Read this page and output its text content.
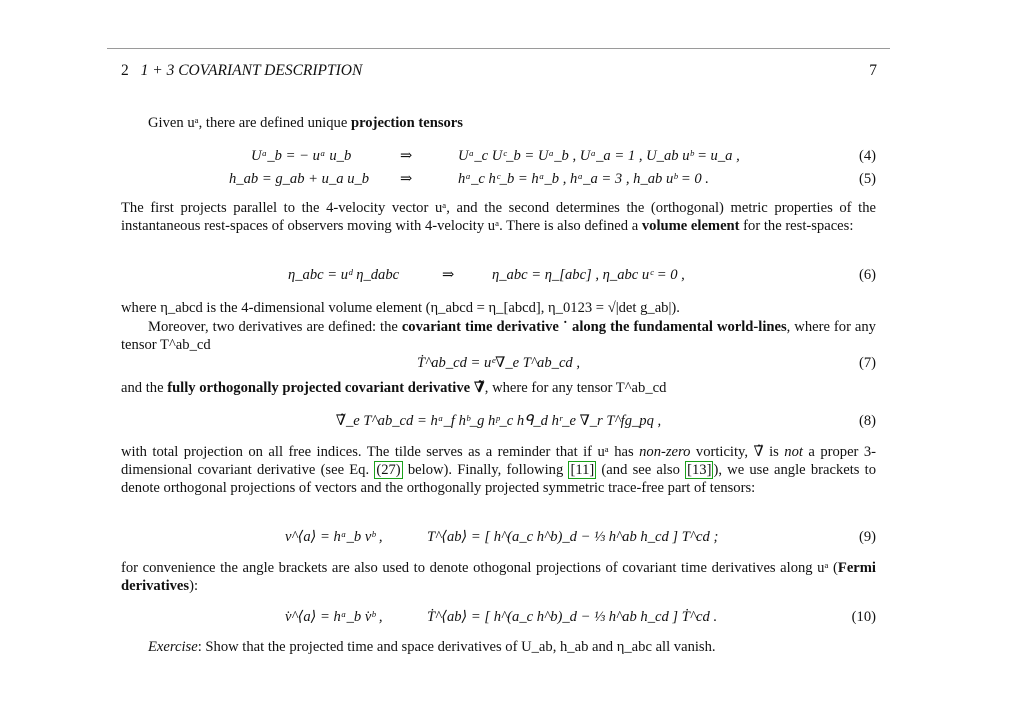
2 1 + 3 COVARIANT DESCRIPTION	7
Given uᵃ, there are defined unique projection tensors
Uᵃ_b = − uᵃ u_b	⇒	Uᵃ_c Uᶜ_b = Uᵃ_b , Uᵃ_a = 1 , U_ab uᵇ = u_a ,	(4)
h_ab = g_ab + u_a u_b ⇒	hᵃ_c hᶜ_b = hᵃ_b , hᵃ_a = 3 , h_ab uᵇ = 0 .	(5)
The first projects parallel to the 4-velocity vector uᵃ, and the second determines the (orthogonal) metric properties of the instantaneous rest-spaces of observers moving with 4-velocity uᵃ. There is also defined a volume element for the rest-spaces:
η_abc = uᵈ η_dabc	⇒	η_abc = η_[abc] , η_abc uᶜ = 0 ,	(6)
where η_abcd is the 4-dimensional volume element (η_abcd = η_[abcd], η_0123 = √|det g_ab|).
Moreover, two derivatives are defined: the covariant time derivative ˙ along the fundamental world-lines, where for any tensor T^ab_cd
Ṫ^ab_cd = uᵉ∇_e T^ab_cd ,	(7)
and the fully orthogonally projected covariant derivative ∇̃, where for any tensor T^ab_cd
∇̃_e T^ab_cd = hᵃ_f hᵇ_g hᵖ_c hᑫ_d hʳ_e ∇_r T^fg_pq ,	(8)
with total projection on all free indices. The tilde serves as a reminder that if uᵃ has non-zero vorticity, ∇̃ is not a proper 3-dimensional covariant derivative (see Eq. (27) below). Finally, following [11] (and see also [13] ), we use angle brackets to denote orthogonal projections of vectors and the orthogonally projected symmetric trace-free part of tensors:
v^⟨a⟩ = hᵃ_b vᵇ ,	T^⟨ab⟩ = [ h^(a_c h^b)_d − ⅓ h^ab h_cd ] T^cd ;	(9)
for convenience the angle brackets are also used to denote othogonal projections of covariant time derivatives along uᵃ (Fermi derivatives):
v̇^⟨a⟩ = hᵃ_b v̇ᵇ ,	Ṫ^⟨ab⟩ = [ h^(a_c h^b)_d − ⅓ h^ab h_cd ] Ṫ^cd .	(10)
Exercise: Show that the projected time and space derivatives of U_ab, h_ab and η_abc all vanish.
